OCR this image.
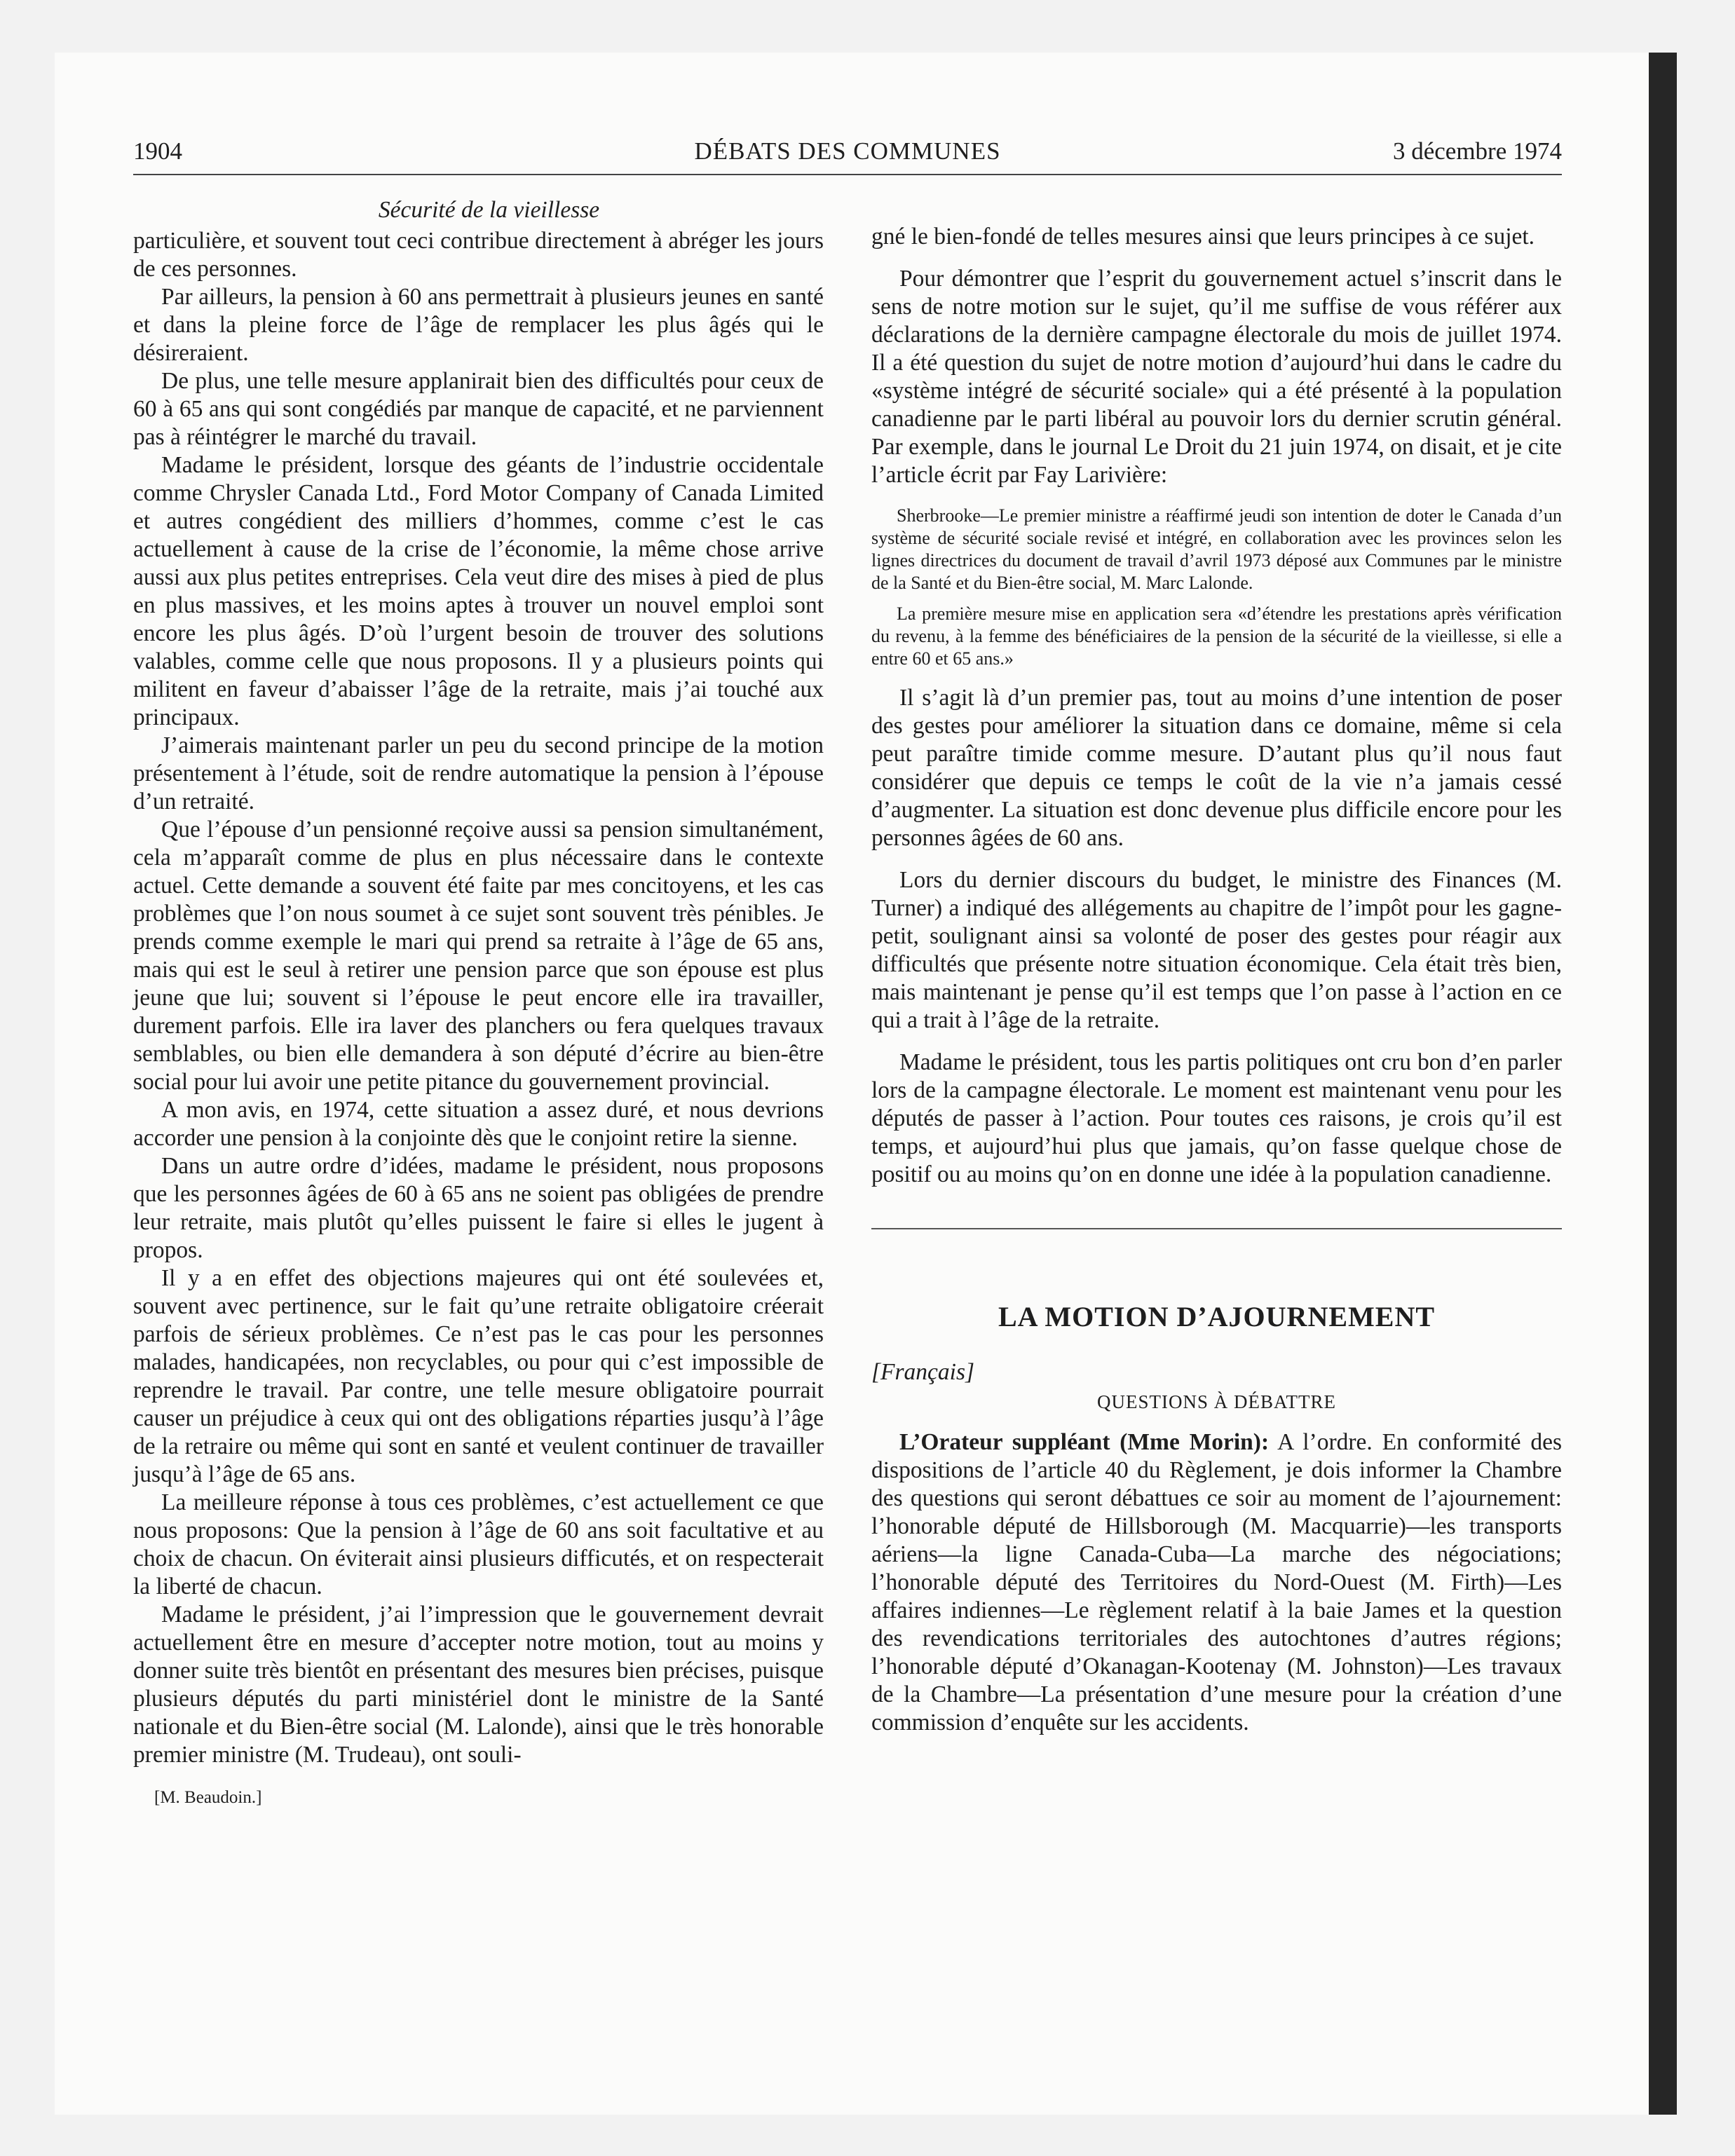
1904	DÉBATS DES COMMUNES	3 décembre 1974
Sécurité de la vieillesse

particulière, et souvent tout ceci contribue directement à abréger les jours de ces personnes.

Par ailleurs, la pension à 60 ans permettrait à plusieurs jeunes en santé et dans la pleine force de l’âge de remplacer les plus âgés qui le désireraient.

De plus, une telle mesure applanirait bien des difficultés pour ceux de 60 à 65 ans qui sont congédiés par manque de capacité, et ne parviennent pas à réintégrer le marché du travail.

Madame le président, lorsque des géants de l’industrie occidentale comme Chrysler Canada Ltd., Ford Motor Company of Canada Limited et autres congédient des milliers d’hommes, comme c’est le cas actuellement à cause de la crise de l’économie, la même chose arrive aussi aux plus petites entreprises. Cela veut dire des mises à pied de plus en plus massives, et les moins aptes à trouver un nouvel emploi sont encore les plus âgés. D’où l’urgent besoin de trouver des solutions valables, comme celle que nous proposons. Il y a plusieurs points qui militent en faveur d’abaisser l’âge de la retraite, mais j’ai touché aux principaux.

J’aimerais maintenant parler un peu du second principe de la motion présentement à l’étude, soit de rendre automatique la pension à l’épouse d’un retraité.

Que l’épouse d’un pensionné reçoive aussi sa pension simultanément, cela m’apparaît comme de plus en plus nécessaire dans le contexte actuel. Cette demande a souvent été faite par mes concitoyens, et les cas problèmes que l’on nous soumet à ce sujet sont souvent très pénibles. Je prends comme exemple le mari qui prend sa retraite à l’âge de 65 ans, mais qui est le seul à retirer une pension parce que son épouse est plus jeune que lui; souvent si l’épouse le peut encore elle ira travailler, durement parfois. Elle ira laver des planchers ou fera quelques travaux semblables, ou bien elle demandera à son député d’écrire au bien-être social pour lui avoir une petite pitance du gouvernement provincial.

A mon avis, en 1974, cette situation a assez duré, et nous devrions accorder une pension à la conjointe dès que le conjoint retire la sienne.

Dans un autre ordre d’idées, madame le président, nous proposons que les personnes âgées de 60 à 65 ans ne soient pas obligées de prendre leur retraite, mais plutôt qu’elles puissent le faire si elles le jugent à propos.

Il y a en effet des objections majeures qui ont été soulevées et, souvent avec pertinence, sur le fait qu’une retraite obligatoire créerait parfois de sérieux problèmes. Ce n’est pas le cas pour les personnes malades, handicapées, non recyclables, ou pour qui c’est impossible de reprendre le travail. Par contre, une telle mesure obligatoire pourrait causer un préjudice à ceux qui ont des obligations réparties jusqu’à l’âge de la retraire ou même qui sont en santé et veulent continuer de travailler jusqu’à l’âge de 65 ans.

La meilleure réponse à tous ces problèmes, c’est actuellement ce que nous proposons: Que la pension à l’âge de 60 ans soit facultative et au choix de chacun. On éviterait ainsi plusieurs difficutés, et on respecterait la liberté de chacun.

Madame le président, j’ai l’impression que le gouvernement devrait actuellement être en mesure d’accepter notre motion, tout au moins y donner suite très bientôt en présentant des mesures bien précises, puisque plusieurs députés du parti ministériel dont le ministre de la Santé nationale et du Bien-être social (M. Lalonde), ainsi que le très honorable premier ministre (M. Trudeau), ont souli-

[M. Beaudoin.]

gné le bien-fondé de telles mesures ainsi que leurs principes à ce sujet.

Pour démontrer que l’esprit du gouvernement actuel s’inscrit dans le sens de notre motion sur le sujet, qu’il me suffise de vous référer aux déclarations de la dernière campagne électorale du mois de juillet 1974. Il a été question du sujet de notre motion d’aujourd’hui dans le cadre du «système intégré de sécurité sociale» qui a été présenté à la population canadienne par le parti libéral au pouvoir lors du dernier scrutin général. Par exemple, dans le journal Le Droit du 21 juin 1974, on disait, et je cite l’article écrit par Fay Larivière:

Sherbrooke—Le premier ministre a réaffirmé jeudi son intention de doter le Canada d’un système de sécurité sociale revisé et intégré, en collaboration avec les provinces selon les lignes directrices du document de travail d’avril 1973 déposé aux Communes par le ministre de la Santé et du Bien-être social, M. Marc Lalonde.

La première mesure mise en application sera «d’étendre les prestations après vérification du revenu, à la femme des bénéficiaires de la pension de la sécurité de la vieillesse, si elle a entre 60 et 65 ans.»

Il s’agit là d’un premier pas, tout au moins d’une intention de poser des gestes pour améliorer la situation dans ce domaine, même si cela peut paraître timide comme mesure. D’autant plus qu’il nous faut considérer que depuis ce temps le coût de la vie n’a jamais cessé d’augmenter. La situation est donc devenue plus difficile encore pour les personnes âgées de 60 ans.

Lors du dernier discours du budget, le ministre des Finances (M. Turner) a indiqué des allégements au chapitre de l’impôt pour les gagne-petit, soulignant ainsi sa volonté de poser des gestes pour réagir aux difficultés que présente notre situation économique. Cela était très bien, mais maintenant je pense qu’il est temps que l’on passe à l’action en ce qui a trait à l’âge de la retraite.

Madame le président, tous les partis politiques ont cru bon d’en parler lors de la campagne électorale. Le moment est maintenant venu pour les députés de passer à l’action. Pour toutes ces raisons, je crois qu’il est temps, et aujourd’hui plus que jamais, qu’on fasse quelque chose de positif ou au moins qu’on en donne une idée à la population canadienne.

LA MOTION D’AJOURNEMENT
[Français]
QUESTIONS À DÉBATTRE

L’Orateur suppléant (Mme Morin): A l’ordre. En conformité des dispositions de l’article 40 du Règlement, je dois informer la Chambre des questions qui seront débattues ce soir au moment de l’ajournement: l’honorable député de Hillsborough (M. Macquarrie)—les transports aériens—la ligne Canada-Cuba—La marche des négociations; l’honorable député des Territoires du Nord-Ouest (M. Firth)—Les affaires indiennes—Le règlement relatif à la baie James et la question des revendications territoriales des autochtones d’autres régions; l’honorable député d’Okanagan-Kootenay (M. Johnston)—Les travaux de la Chambre—La présentation d’une mesure pour la création d’une commission d’enquête sur les accidents.
